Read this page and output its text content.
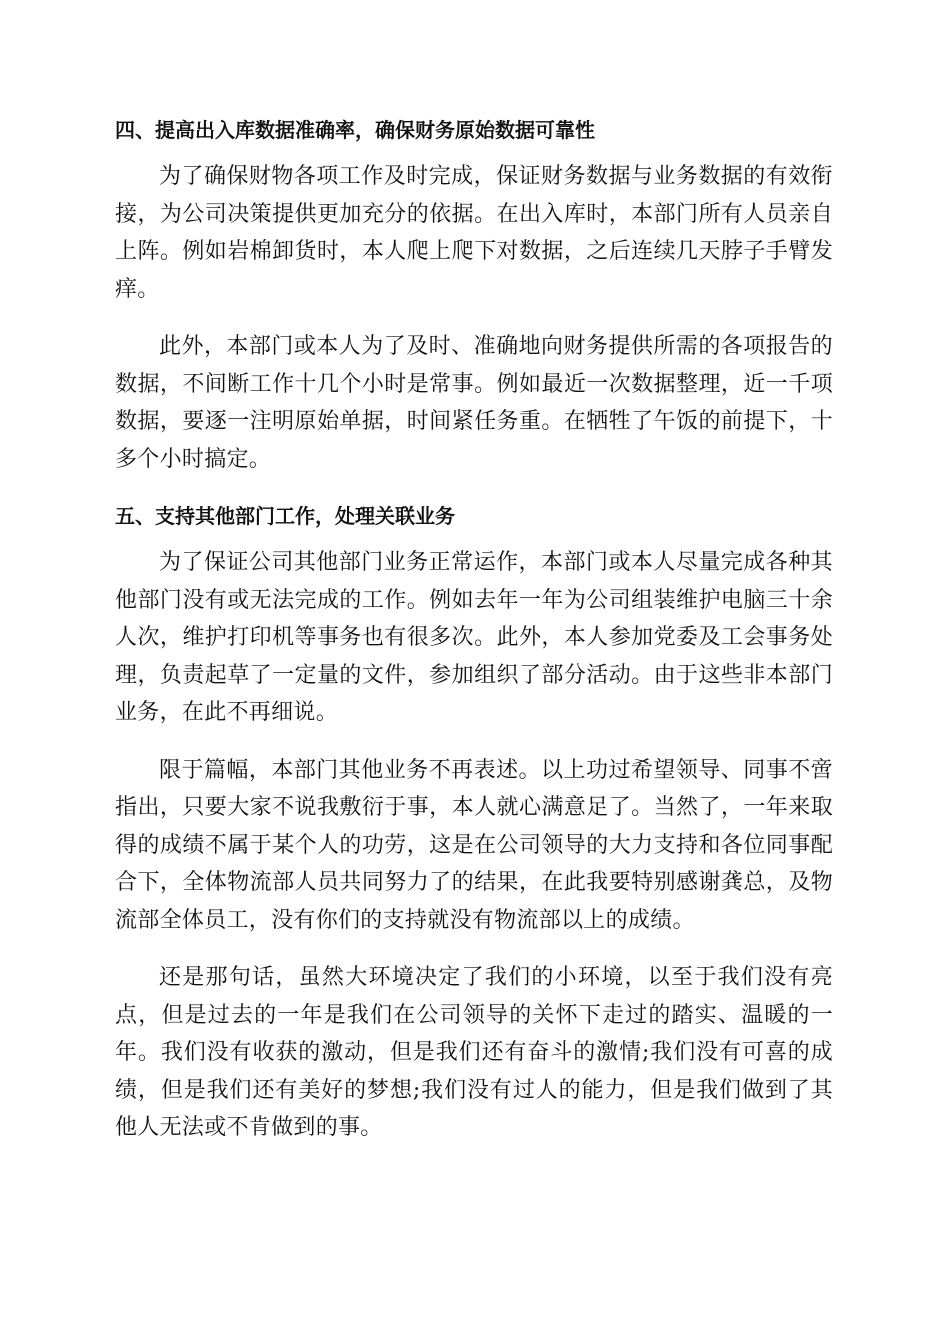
四、提高出入库数据准确率，确保财务原始数据可靠性

为了确保财物各项工作及时完成，保证财务数据与业务数据的有效衔接，为公司决策提供更加充分的依据。在出入库时，本部门所有人员亲自上阵。例如岩棉卸货时，本人爬上爬下对数据，之后连续几天脖子手臂发痒。

此外，本部门或本人为了及时、准确地向财务提供所需的各项报告的数据，不间断工作十几个小时是常事。例如最近一次数据整理，近一千项数据，要逐一注明原始单据，时间紧任务重。在牺牲了午饭的前提下，十多个小时搞定。

五、支持其他部门工作，处理关联业务

为了保证公司其他部门业务正常运作，本部门或本人尽量完成各种其他部门没有或无法完成的工作。例如去年一年为公司组装维护电脑三十余人次，维护打印机等事务也有很多次。此外，本人参加党委及工会事务处理，负责起草了一定量的文件，参加组织了部分活动。由于这些非本部门业务，在此不再细说。

限于篇幅，本部门其他业务不再表述。以上功过希望领导、同事不啻指出，只要大家不说我敷衍于事，本人就心满意足了。当然了，一年来取得的成绩不属于某个人的功劳，这是在公司领导的大力支持和各位同事配合下，全体物流部人员共同努力了的结果，在此我要特别感谢龚总，及物流部全体员工，没有你们的支持就没有物流部以上的成绩。

还是那句话，虽然大环境决定了我们的小环境，以至于我们没有亮点，但是过去的一年是我们在公司领导的关怀下走过的踏实、温暖的一年。我们没有收获的激动，但是我们还有奋斗的激情;我们没有可喜的成绩，但是我们还有美好的梦想;我们没有过人的能力，但是我们做到了其他人无法或不肯做到的事。
